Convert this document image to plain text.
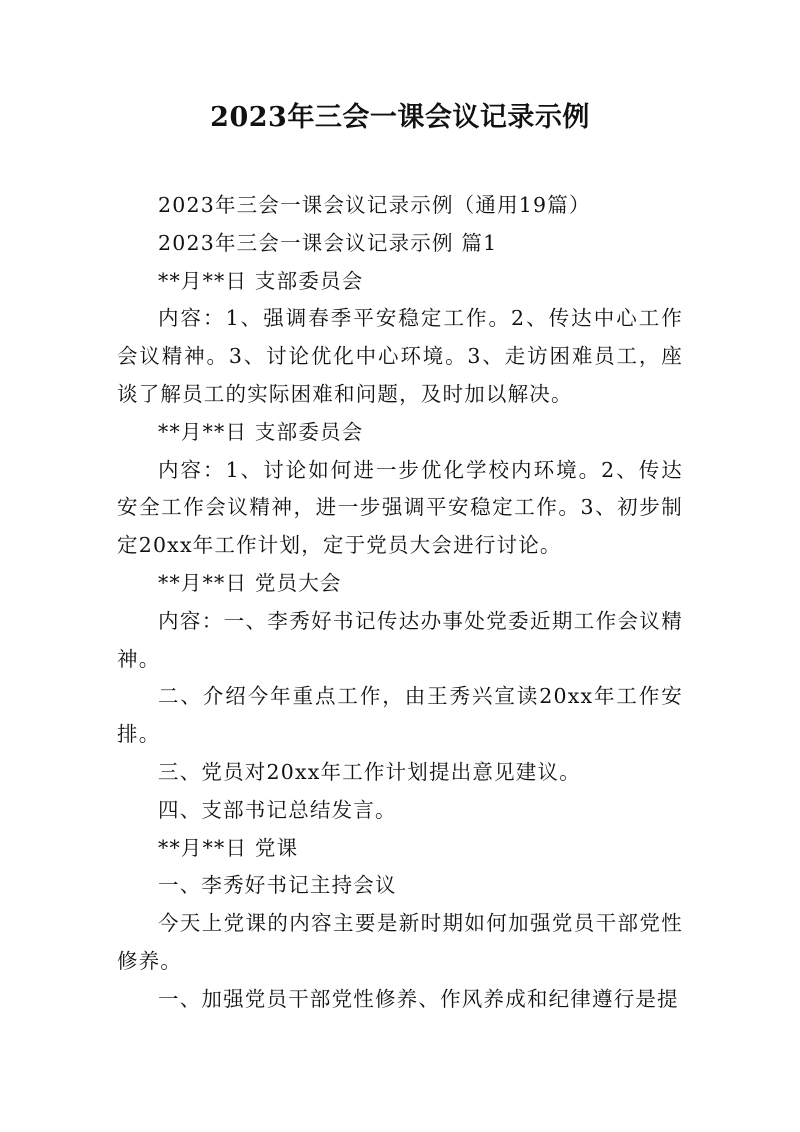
2023年三会一课会议记录示例

2023年三会一课会议记录示例（通用19篇）

2023年三会一课会议记录示例 篇1

**月**日 支部委员会

内容：1、强调春季平安稳定工作。2、传达中心工作会议精神。3、讨论优化中心环境。3、走访困难员工，座谈了解员工的实际困难和问题，及时加以解决。

**月**日 支部委员会

内容：1、讨论如何进一步优化学校内环境。2、传达安全工作会议精神，进一步强调平安稳定工作。3、初步制定20xx年工作计划，定于党员大会进行讨论。

**月**日 党员大会

内容：一、李秀好书记传达办事处党委近期工作会议精神。

二、介绍今年重点工作，由王秀兴宣读20xx年工作安排。

三、党员对20xx年工作计划提出意见建议。

四、支部书记总结发言。

**月**日 党课

一、李秀好书记主持会议

今天上党课的内容主要是新时期如何加强党员干部党性修养。

一、加强党员干部党性修养、作风养成和纪律遵行是提
